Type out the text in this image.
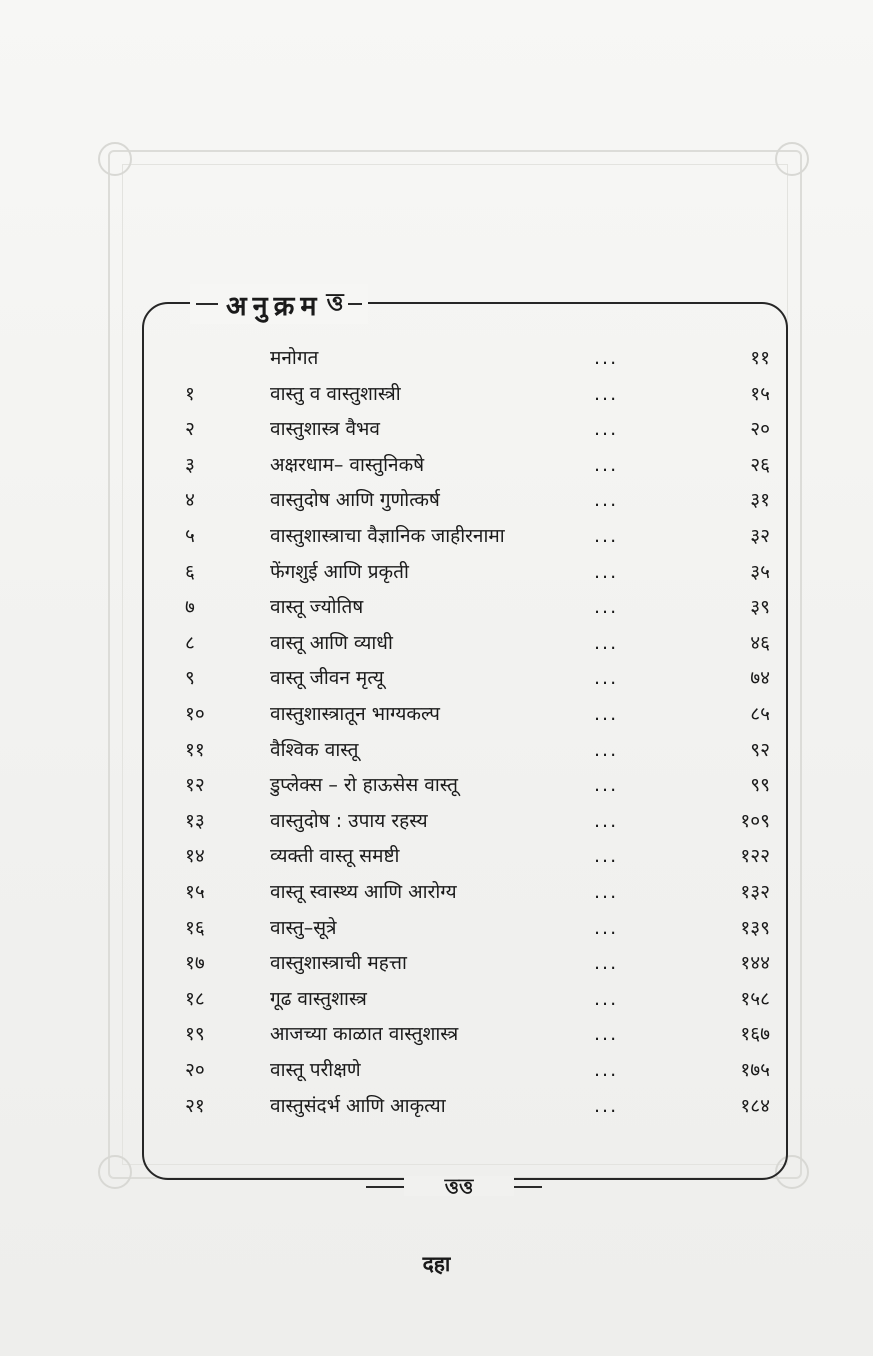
अनुक्रम ত্ত
मनोगत	...	११
१	वास्तु व वास्तुशास्त्री	...	१५
२	वास्तुशास्त्र वैभव	...	२०
३	अक्षरधाम– वास्तुनिकषे	...	२६
४	वास्तुदोष आणि गुणोत्कर्ष	...	३१
५	वास्तुशास्त्राचा वैज्ञानिक जाहीरनामा	...	३२
६	फेंगशुई आणि प्रकृती	...	३५
७	वास्तू ज्योतिष	...	३९
८	वास्तू आणि व्याधी	...	४६
९	वास्तू जीवन मृत्यू	...	७४
१०	वास्तुशास्त्रातून भाग्यकल्प	...	८५
११	वैश्विक वास्तू	...	९२
१२	डुप्लेक्स – रो हाऊसेस वास्तू	...	९९
१३	वास्तुदोष : उपाय रहस्य	...	१०९
१४	व्यक्ती वास्तू समष्टी	...	१२२
१५	वास्तू स्वास्थ्य आणि आरोग्य	...	१३२
१६	वास्तु–सूत्रे	...	१३९
१७	वास्तुशास्त्राची महत्ता	...	१४४
१८	गूढ वास्तुशास्त्र	...	१५८
१९	आजच्या काळात वास्तुशास्त्र	...	१६७
२०	वास्तू परीक्षणे	...	१७५
२१	वास्तुसंदर्भ आणि आकृत्या	...	१८४
ত্তত্ত
दहा
